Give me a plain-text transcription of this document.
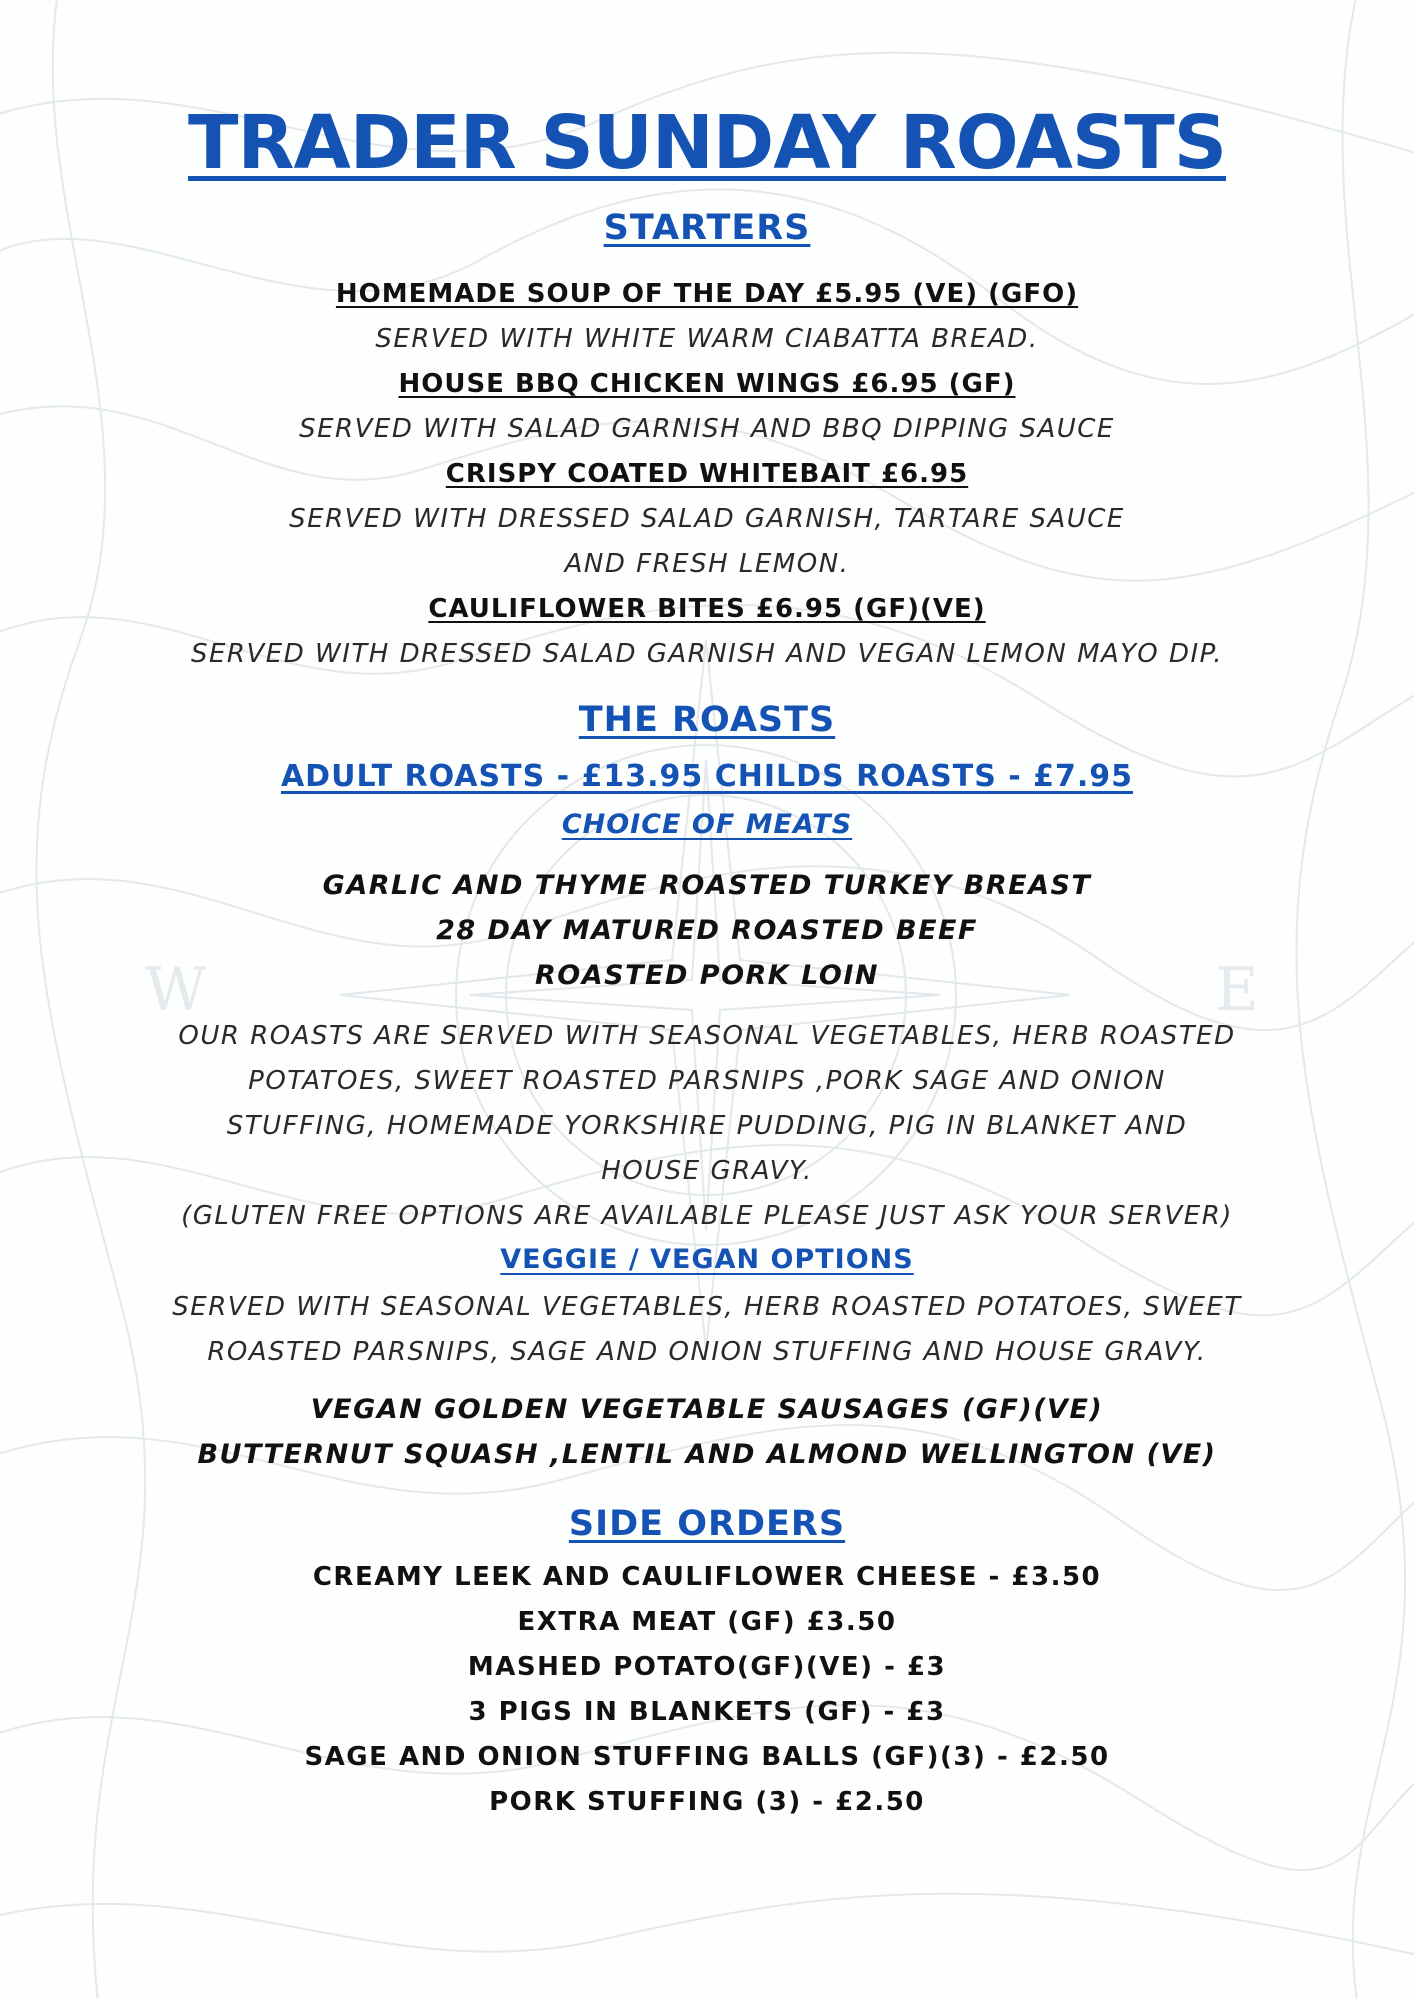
W	E
TRADER SUNDAY ROASTS
STARTERS
HOMEMADE SOUP OF THE DAY £5.95 (VE) (GFO)
SERVED WITH WHITE WARM CIABATTA BREAD.
HOUSE BBQ CHICKEN WINGS £6.95 (GF)
SERVED WITH SALAD GARNISH AND BBQ DIPPING SAUCE
CRISPY COATED WHITEBAIT £6.95
SERVED WITH DRESSED SALAD GARNISH, TARTARE SAUCE
AND FRESH LEMON.
CAULIFLOWER BITES £6.95 (GF)(VE)
SERVED WITH DRESSED SALAD GARNISH AND VEGAN LEMON MAYO DIP.
THE ROASTS
ADULT ROASTS - £13.95 CHILDS ROASTS - £7.95
CHOICE OF MEATS
GARLIC AND THYME ROASTED TURKEY BREAST
28 DAY MATURED ROASTED BEEF
ROASTED PORK LOIN
OUR ROASTS ARE SERVED WITH SEASONAL VEGETABLES, HERB ROASTED
POTATOES, SWEET ROASTED PARSNIPS ,PORK SAGE AND ONION
STUFFING, HOMEMADE YORKSHIRE PUDDING, PIG IN BLANKET AND
HOUSE GRAVY.
(GLUTEN FREE OPTIONS ARE AVAILABLE PLEASE JUST ASK YOUR SERVER)
VEGGIE / VEGAN OPTIONS
SERVED WITH SEASONAL VEGETABLES, HERB ROASTED POTATOES, SWEET
ROASTED PARSNIPS, SAGE AND ONION STUFFING AND HOUSE GRAVY.
VEGAN GOLDEN VEGETABLE SAUSAGES (GF)(VE)
BUTTERNUT SQUASH ,LENTIL AND ALMOND WELLINGTON (VE)
SIDE ORDERS
CREAMY LEEK AND CAULIFLOWER CHEESE - £3.50
EXTRA MEAT (GF) £3.50
MASHED POTATO(GF)(VE) - £3
3 PIGS IN BLANKETS (GF) - £3
SAGE AND ONION STUFFING BALLS (GF)(3) - £2.50
PORK STUFFING (3) - £2.50
